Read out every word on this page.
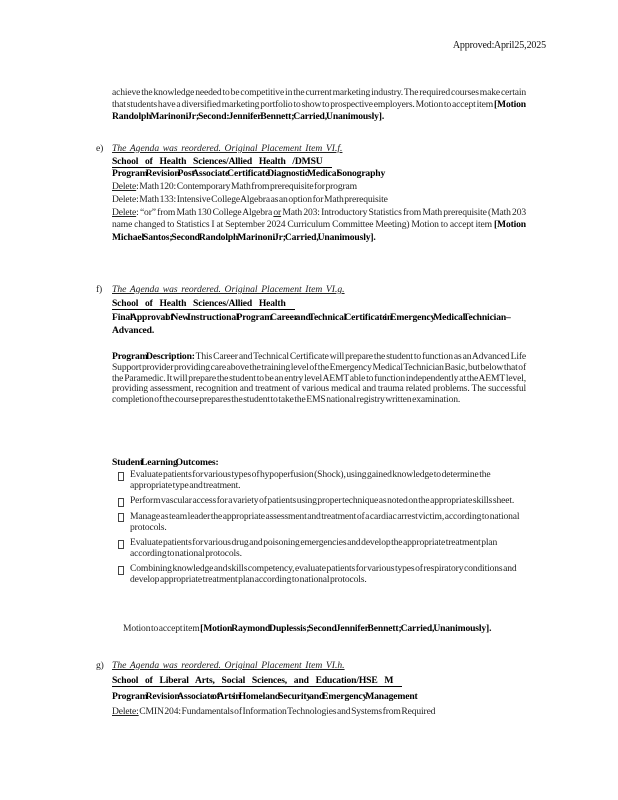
Approved: April 25, 2025
achieve the knowledge needed to be competitive in the current marketing industry. The required courses make certain that students have a diversified marketing portfolio to show to prospective employers. Motion to accept item [Motion Randolph Marinoni Jr; Second: Jennifer Bennett; Carried, Unanimously].
e) The Agenda was reordered. Original Placement Item VI.f.
School of Health Sciences/Allied Health /DMSU
Program Revision Post Associate Certificate Diagnostic Medical Sonography
Delete: Math 120: Contemporary Math from prerequisite for program
Delete: Math 133: Intensive College Algebra as an option for Math prerequisite
Delete: “or” from Math 130 College Algebra or Math 203: Introductory Statistics from Math prerequisite (Math 203 name changed to Statistics I at September 2024 Curriculum Committee Meeting) Motion to accept item [Motion Michael Santos; Second Randolph Marinoni Jr; Carried, Unanimously].
f) The Agenda was reordered. Original Placement Item VI.g.
School of Health Sciences/Allied Health
Final Approval of New Instructional Program Career and Technical Certificate in Emergency Medical Technician–Advanced.
Program Description: This Career and Technical Certificate will prepare the student to function as an Advanced Life Support provider providing care above the training level of the Emergency Medical Technician Basic, but below that of the Paramedic. It will prepare the student to be an entry level AEMT able to function independently at the AEMT level, providing assessment, recognition and treatment of various medical and trauma related problems. The successful completion of the course prepares the student to take the EMS national registry written examination.
Student Learning Outcomes:
Evaluate patients for various types of hypoperfusion (Shock), using gained knowledge to determine the appropriate type and treatment.
Perform vascular access for a variety of patients using proper technique as noted on the appropriate skills sheet.
Manage as team leader the appropriate assessment and treatment of a cardiac arrest victim, according to national protocols.
Evaluate patients for various drug and poisoning emergencies and develop the appropriate treatment plan according to national protocols.
Combining knowledge and skills competency, evaluate patients for various types of respiratory conditions and develop appropriate treatment plan according to national protocols.
Motion to accept item [Motion Raymond Duplessis; Second Jennifer Bennett; Carried, Unanimously].
g) The Agenda was reordered. Original Placement Item VI.h.
School of Liberal Arts, Social Sciences, and Education/HSE M
Program Revision Associate of Arts in Homeland Security and Emergency Management
Delete: CMIN 204: Fundamentals of Information Technologies and Systems from Required
